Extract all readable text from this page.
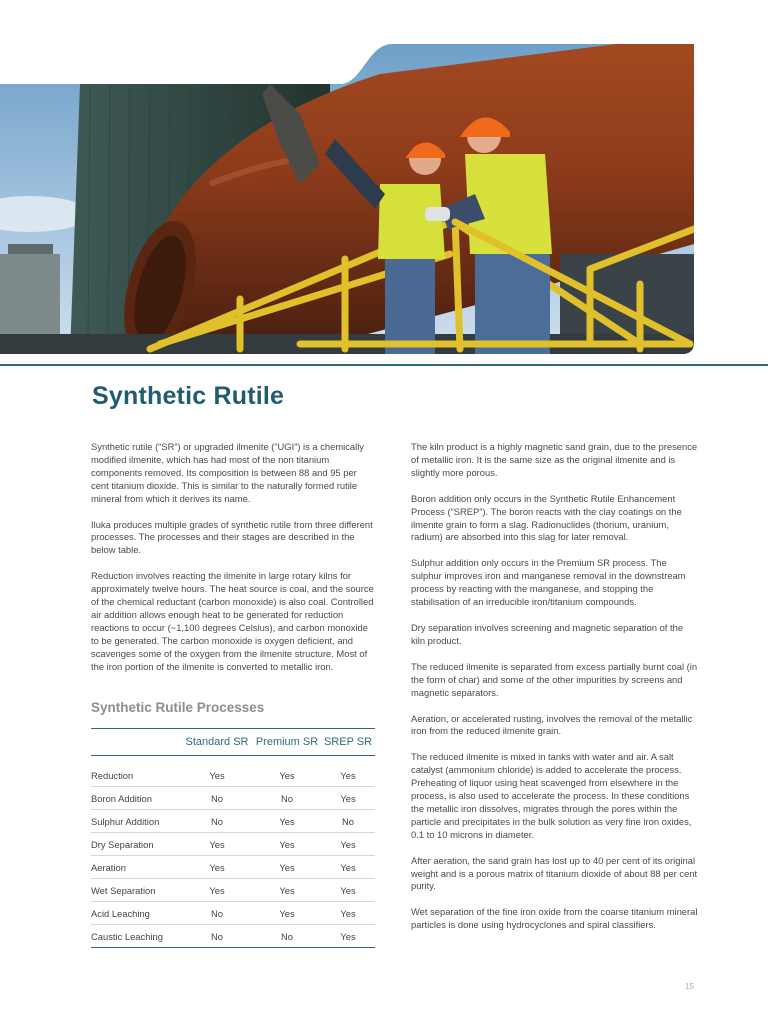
Synthetic Rutile

Synthetic rutile (“SR”) or upgraded ilmenite (“UGI”) is a chemically modified ilmenite, which has had most of the non titanium components removed. Its composition is between 88 and 95 per cent titanium dioxide. This is similar to the naturally formed rutile mineral from which it derives its name.

Iluka produces multiple grades of synthetic rutile from three different processes. The processes and their stages are described in the below table.

Reduction involves reacting the ilmenite in large rotary kilns for approximately twelve hours. The heat source is coal, and the source of the chemical reductant (carbon monoxide) is also coal. Controlled air addition allows enough heat to be generated for reduction reactions to occur (~1,100 degrees Celsius), and carbon monoxide to be generated. The carbon monoxide is oxygen deficient, and scavenges some of the oxygen from the ilmenite structure. Most of the iron portion of the ilmenite is converted to metallic iron.

Synthetic Rutile Processes
	Standard SR	Premium SR	SREP SR
Reduction	Yes	Yes	Yes
Boron Addition	No	No	Yes
Sulphur Addition	No	Yes	No
Dry Separation	Yes	Yes	Yes
Aeration	Yes	Yes	Yes
Wet Separation	Yes	Yes	Yes
Acid Leaching	No	Yes	Yes
Caustic Leaching	No	No	Yes

The kiln product is a highly magnetic sand grain, due to the presence of metallic iron. It is the same size as the original ilmenite and is slightly more porous.

Boron addition only occurs in the Synthetic Rutile Enhancement Process (“SREP”). The boron reacts with the clay coatings on the ilmenite grain to form a slag. Radionuclides (thorium, uranium, radium) are absorbed into this slag for later removal.

Sulphur addition only occurs in the Premium SR process. The sulphur improves iron and manganese removal in the downstream process by reacting with the manganese, and stopping the stabilisation of an irreducible iron/titanium compounds.

Dry separation involves screening and magnetic separation of the kiln product.

The reduced ilmenite is separated from excess partially burnt coal (in the form of char) and some of the other impurities by screens and magnetic separators.

Aeration, or accelerated rusting, involves the removal of the metallic iron from the reduced ilmenite grain.

The reduced ilmenite is mixed in tanks with water and air. A salt catalyst (ammonium chloride) is added to accelerate the process. Preheating of liquor using heat scavenged from elsewhere in the process, is also used to accelerate the process. In these conditions the metallic iron dissolves, migrates through the pores within the particle and precipitates in the bulk solution as very fine iron oxides, 0.1 to 10 microns in diameter.

After aeration, the sand grain has lost up to 40 per cent of its original weight and is a porous matrix of titanium dioxide of about 88 per cent purity.

Wet separation of the fine iron oxide from the coarse titanium mineral particles is done using hydrocyclones and spiral classifiers.

15
